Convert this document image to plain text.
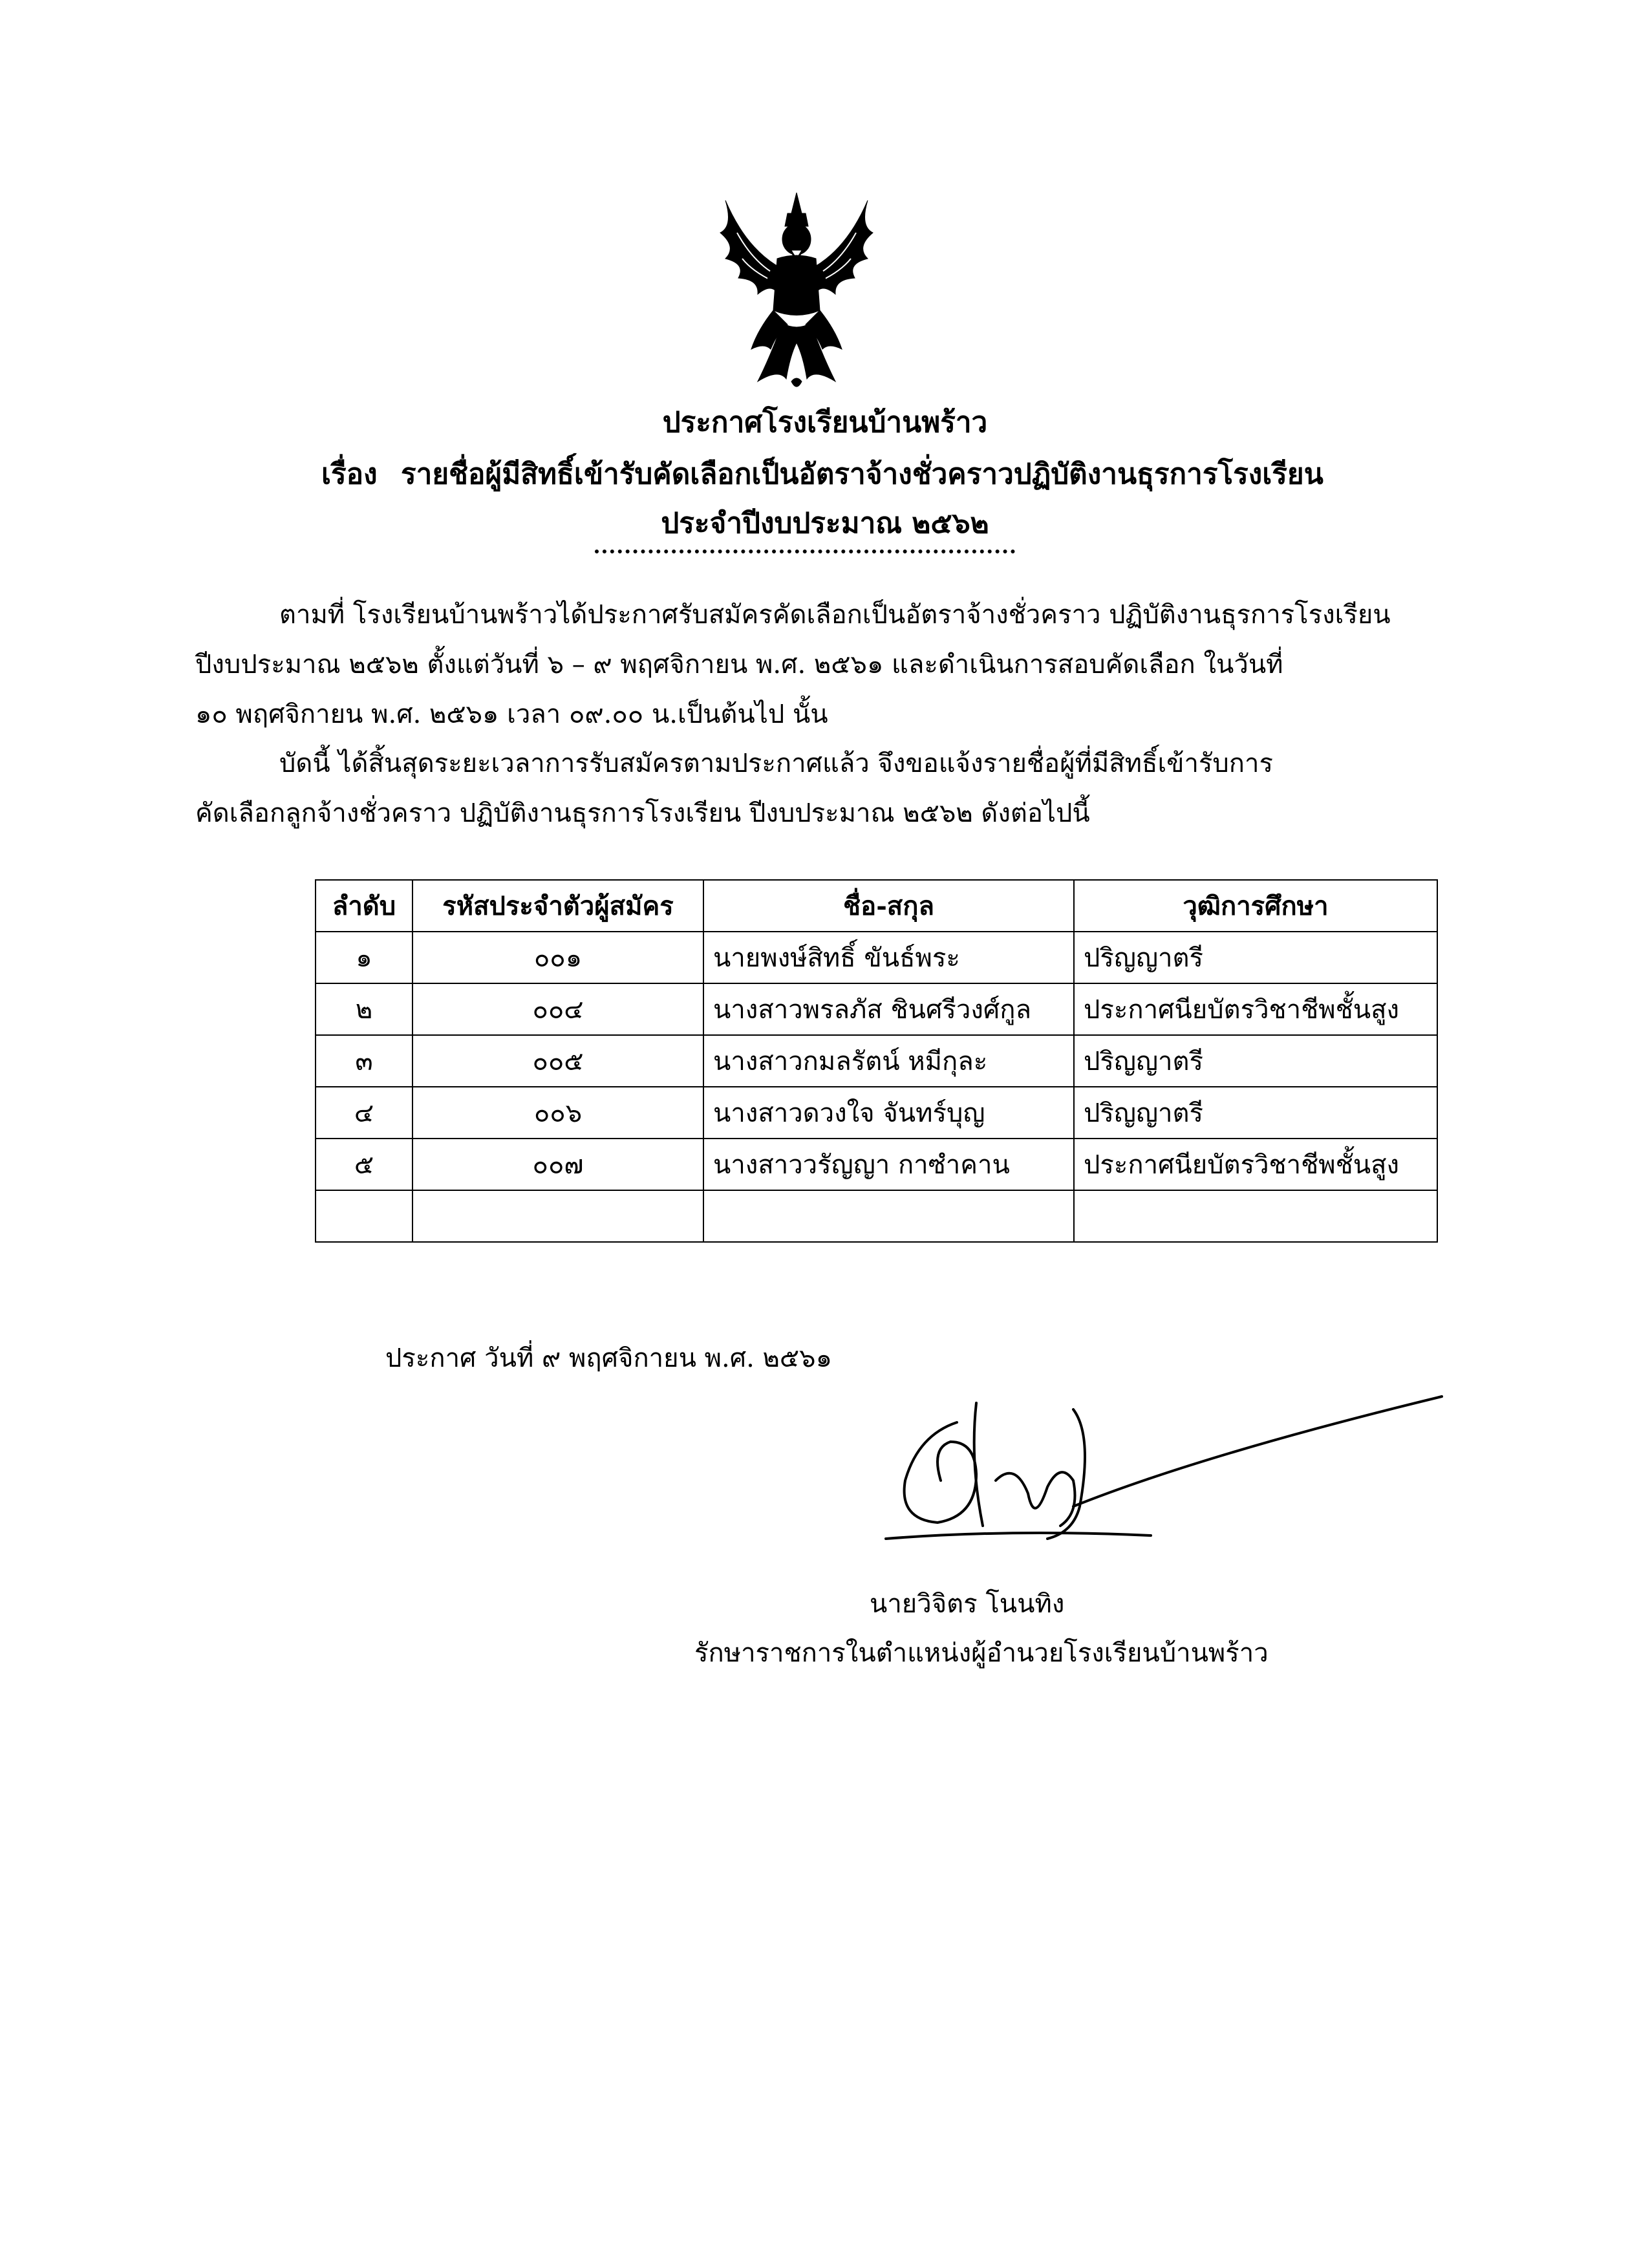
ประกาศโรงเรียนบ้านพร้าว
เรื่อง รายชื่อผู้มีสิทธิ์เข้ารับคัดเลือกเป็นอัตราจ้างชั่วคราวปฏิบัติงานธุรการโรงเรียน
ประจำปีงบประมาณ ๒๕๖๒
ตามที่ โรงเรียนบ้านพร้าวได้ประกาศรับสมัครคัดเลือกเป็นอัตราจ้างชั่วคราว ปฏิบัติงานธุรการโรงเรียน
ปีงบประมาณ ๒๕๖๒ ตั้งแต่วันที่ ๖ – ๙ พฤศจิกายน พ.ศ. ๒๕๖๑ และดำเนินการสอบคัดเลือก ในวันที่
๑๐ พฤศจิกายน พ.ศ. ๒๕๖๑ เวลา ๐๙.๐๐ น.เป็นต้นไป นั้น
บัดนี้ ได้สิ้นสุดระยะเวลาการรับสมัครตามประกาศแล้ว จึงขอแจ้งรายชื่อผู้ที่มีสิทธิ์เข้ารับการ
คัดเลือกลูกจ้างชั่วคราว ปฏิบัติงานธุรการโรงเรียน ปีงบประมาณ ๒๕๖๒ ดังต่อไปนี้
ลำดับ	รหัสประจำตัวผู้สมัคร	ชื่อ-สกุล	วุฒิการศึกษา
๑	๐๐๑	นายพงษ์สิทธิ์ ขันธ์พระ	ปริญญาตรี
๒	๐๐๔	นางสาวพรลภัส ชินศรีวงศ์กูล	ประกาศนียบัตรวิชาชีพชั้นสูง
๓	๐๐๕	นางสาวกมลรัตน์ หมีกุละ	ปริญญาตรี
๔	๐๐๖	นางสาวดวงใจ จันทร์บุญ	ปริญญาตรี
๕	๐๐๗	นางสาววรัญญา กาซำคาน	ประกาศนียบัตรวิชาชีพชั้นสูง

ประกาศ วันที่ ๙ พฤศจิกายน พ.ศ. ๒๕๖๑
นายวิจิตร โนนทิง
รักษาราชการในตำแหน่งผู้อำนวยโรงเรียนบ้านพร้าว
